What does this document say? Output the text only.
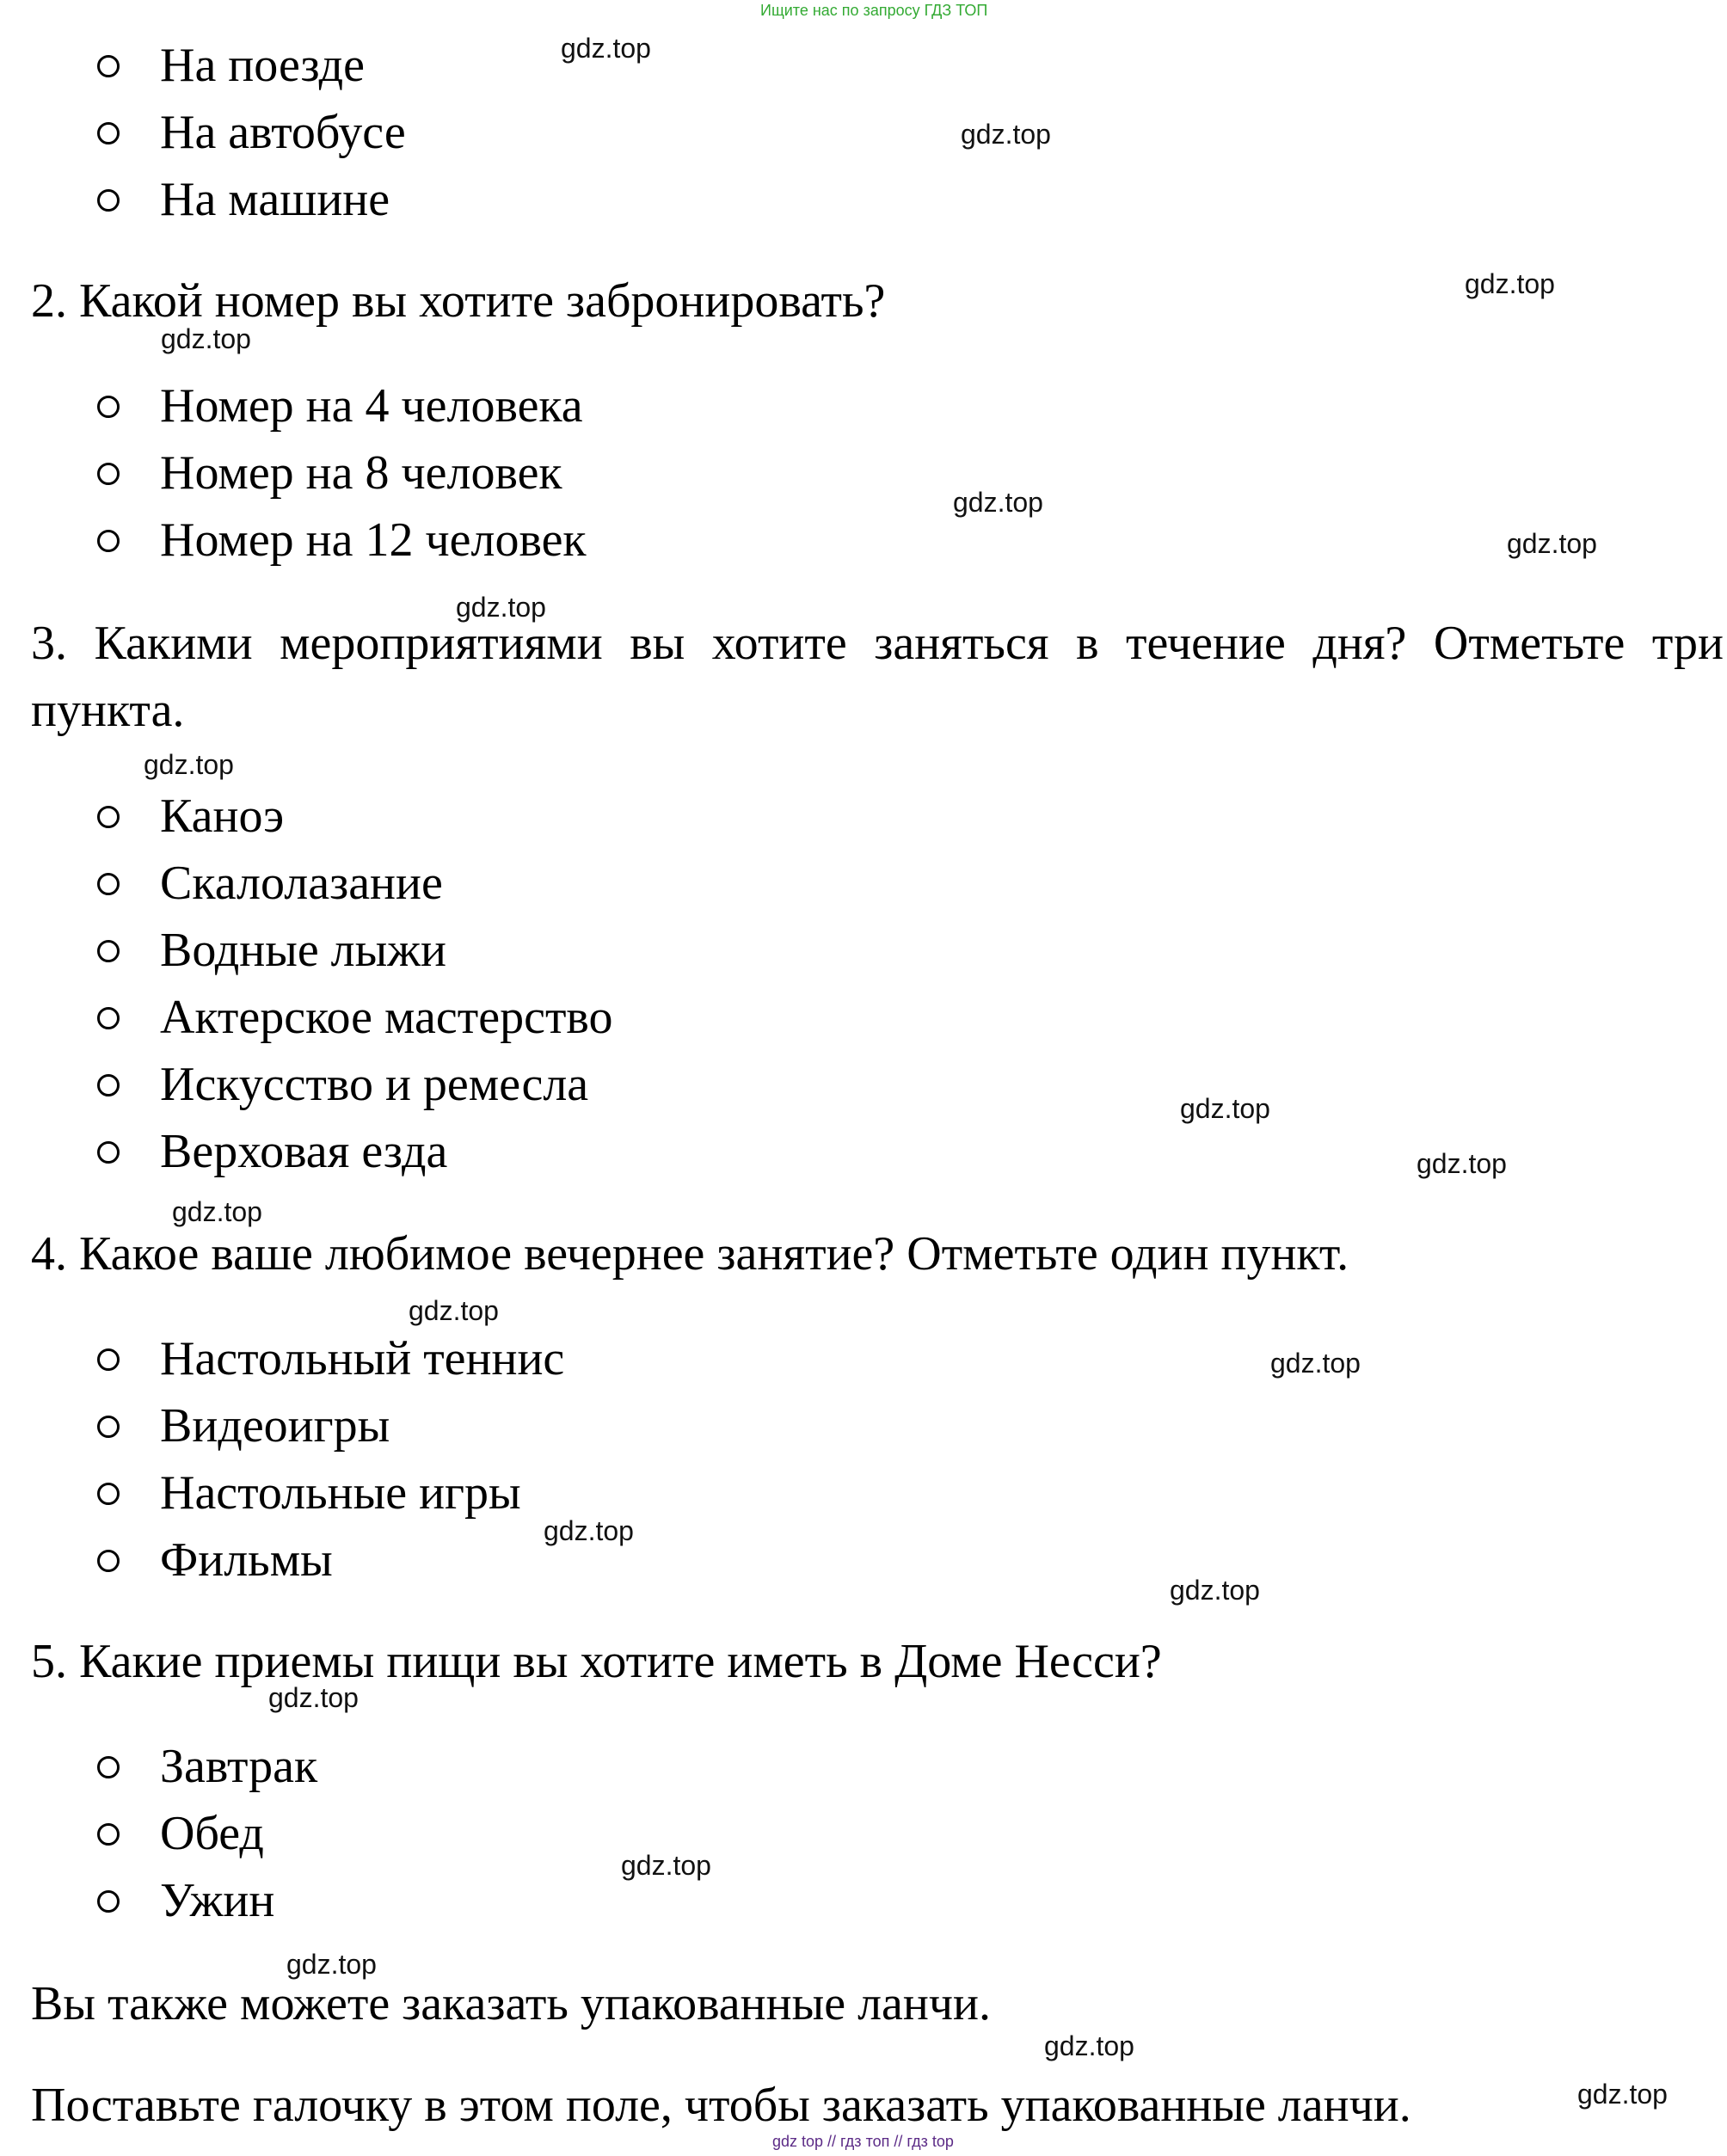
Ищите нас по запросу ГДЗ ТОП
На поезде
На автобусе
На машине
2. Какой номер вы хотите забронировать?
Номер на 4 человека
Номер на 8 человек
Номер на 12 человек
3. Какими мероприятиями вы хотите заняться в течение дня? Отметьте три
пункта.
Каноэ
Скалолазание
Водные лыжи
Актерское мастерство
Искусство и ремесла
Верховая езда
4. Какое ваше любимое вечернее занятие? Отметьте один пункт.
Настольный теннис
Видеоигры
Настольные игры
Фильмы
5. Какие приемы пищи вы хотите иметь в Доме Несси?
Завтрак
Обед
Ужин
Вы также можете заказать упакованные ланчи.
Поставьте галочку в этом поле, чтобы заказать упакованные ланчи.
gdz.top
gdz.top
gdz.top
gdz.top
gdz.top
gdz.top
gdz.top
gdz.top
gdz.top
gdz.top
gdz.top
gdz.top
gdz.top
gdz.top
gdz.top
gdz.top
gdz.top
gdz.top
gdz.top
gdz.top
gdz top // гдз топ // гдз top
